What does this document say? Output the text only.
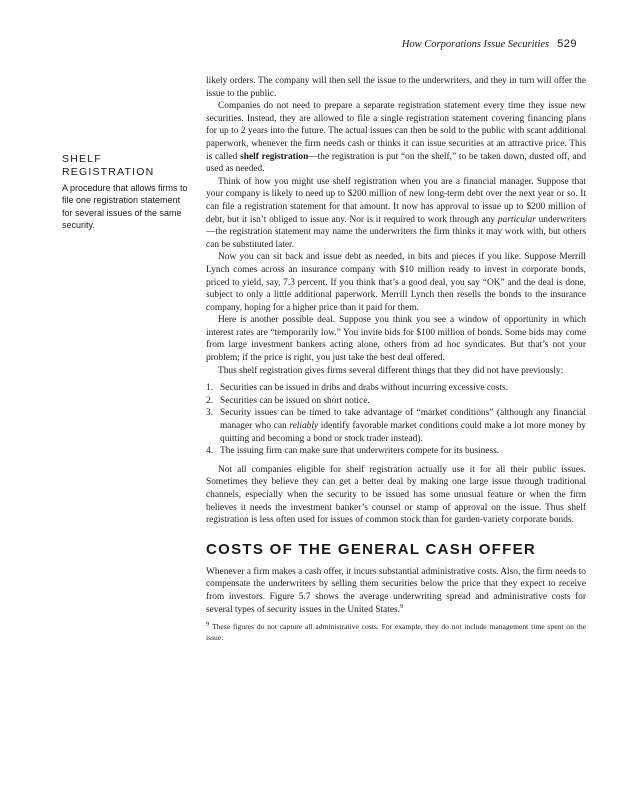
How Corporations Issue Securities 529
SHELF REGISTRATION
A procedure that allows firms to file one registration statement for several issues of the same security.

likely orders. The company will then sell the issue to the underwriters, and they in turn will offer the issue to the public.

Companies do not need to prepare a separate registration statement every time they issue new securities. Instead, they are allowed to file a single registration statement covering financing plans for up to 2 years into the future. The actual issues can then be sold to the public with scant additional paperwork, whenever the firm needs cash or thinks it can issue securities at an attractive price. This is called shelf registration—the registration is put “on the shelf,” to be taken down, dusted off, and used as needed.

Think of how you might use shelf registration when you are a financial manager. Suppose that your company is likely to need up to $200 million of new long-term debt over the next year or so. It can file a registration statement for that amount. It now has approval to issue up to $200 million of debt, but it isn’t obliged to issue any. Nor is it required to work through any particular underwriters—the registration statement may name the underwriters the firm thinks it may work with, but others can be substituted later.

Now you can sit back and issue debt as needed, in bits and pieces if you like. Suppose Merrill Lynch comes across an insurance company with $10 million ready to invest in corporate bonds, priced to yield, say, 7.3 percent. If you think that’s a good deal, you say “OK” and the deal is done, subject to only a little additional paperwork. Merrill Lynch then resells the bonds to the insurance company, hoping for a higher price than it paid for them.

Here is another possible deal. Suppose you think you see a window of opportunity in which interest rates are “temporarily low.” You invite bids for $100 million of bonds. Some bids may come from large investment bankers acting alone, others from ad hoc syndicates. But that’s not your problem; if the price is right, you just take the best deal offered.

Thus shelf registration gives firms several different things that they did not have previously:

1. Securities can be issued in dribs and drabs without incurring excessive costs.
2. Securities can be issued on short notice.
3. Security issues can be timed to take advantage of “market conditions” (although any financial manager who can reliably identify favorable market conditions could make a lot more money by quitting and becoming a bond or stock trader instead).
4. The issuing firm can make sure that underwriters compete for its business.

Not all companies eligible for shelf registration actually use it for all their public issues. Sometimes they believe they can get a better deal by making one large issue through traditional channels, especially when the security to be issued has some unusual feature or when the firm believes it needs the investment banker’s counsel or stamp of approval on the issue. Thus shelf registration is less often used for issues of common stock than for garden-variety corporate bonds.

COSTS OF THE GENERAL CASH OFFER

Whenever a firm makes a cash offer, it incurs substantial administrative costs. Also, the firm needs to compensate the underwriters by selling them securities below the price that they expect to receive from investors. Figure 5.7 shows the average underwriting spread and administrative costs for several types of security issues in the United States.$^9$

9 These figures do not capture all administrative costs. For example, they do not include management time spent on the issue.
